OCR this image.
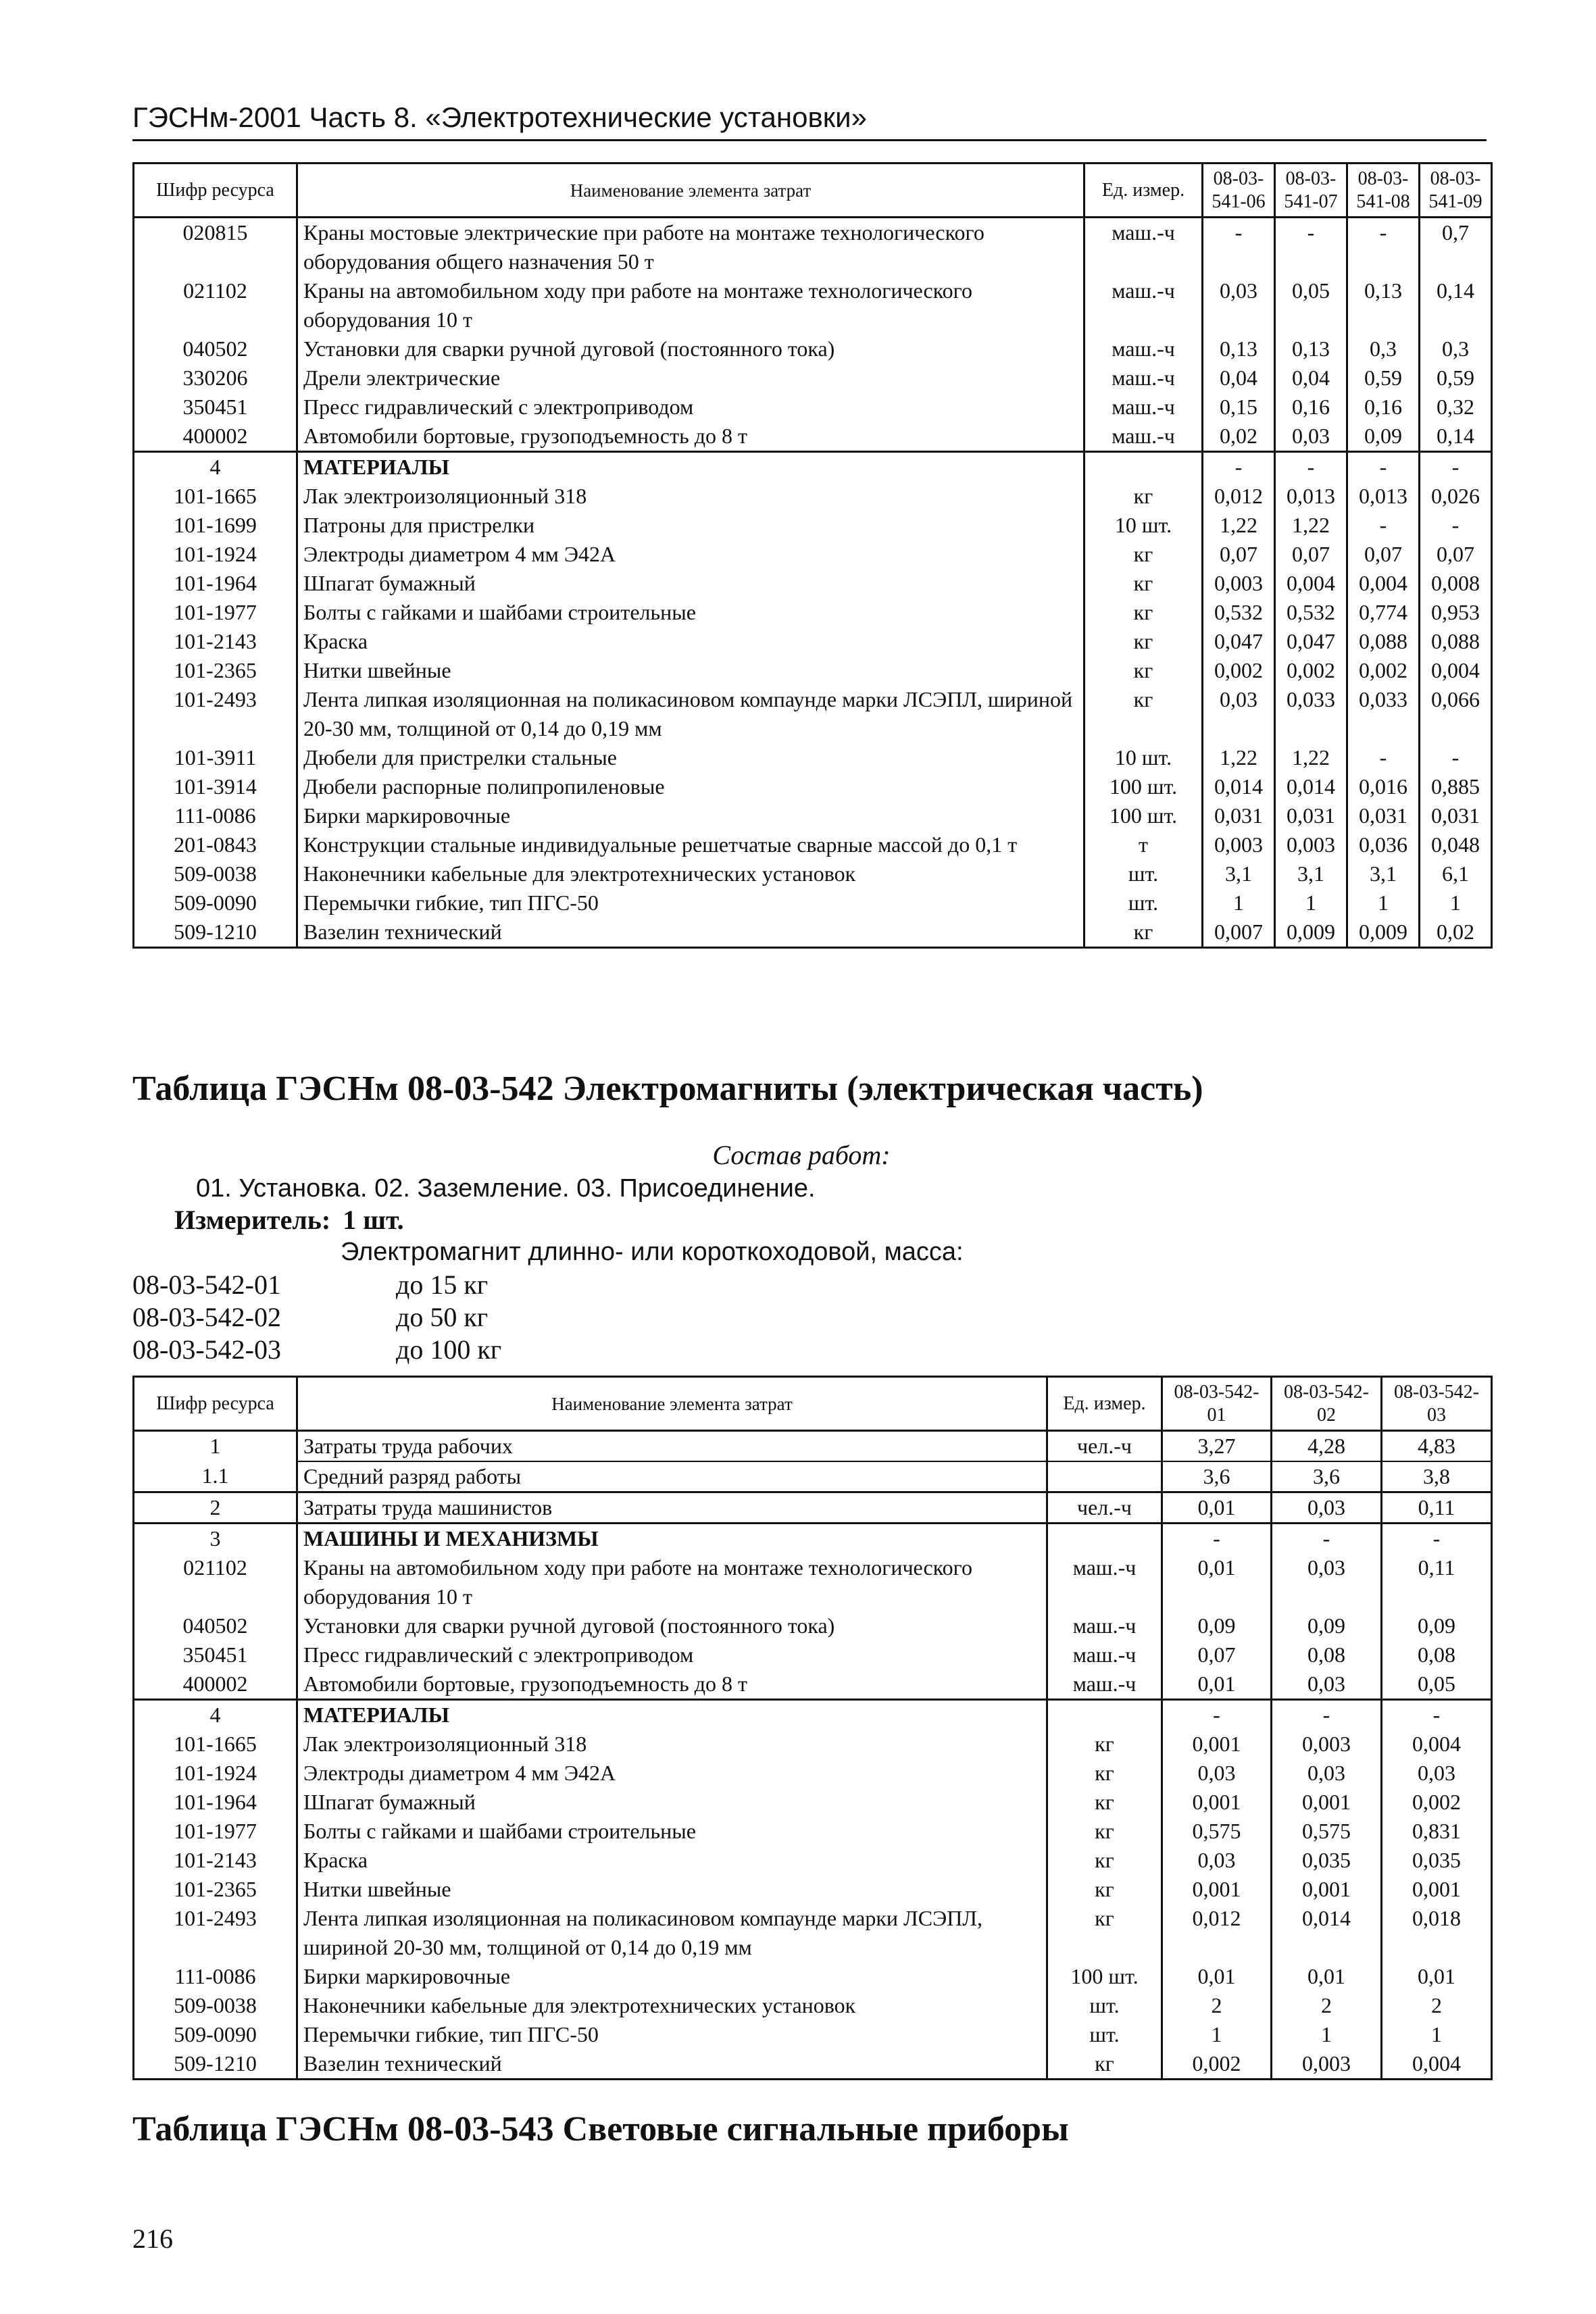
ГЭСНм-2001 Часть 8. «Электротехнические установки»
Шифр ресурса	Наименование элемента затрат	Ед. измер.	08-03-541-06	08-03-541-07	08-03-541-08	08-03-541-09
020815	Краны мостовые электрические при работе на монтаже технологического оборудования общего назначения 50 т	маш.-ч	-	-	-	0,7
021102	Краны на автомобильном ходу при работе на монтаже технологического оборудования 10 т	маш.-ч	0,03	0,05	0,13	0,14
040502	Установки для сварки ручной дуговой (постоянного тока)	маш.-ч	0,13	0,13	0,3	0,3
330206	Дрели электрические	маш.-ч	0,04	0,04	0,59	0,59
350451	Пресс гидравлический с электроприводом	маш.-ч	0,15	0,16	0,16	0,32
400002	Автомобили бортовые, грузоподъемность до 8 т	маш.-ч	0,02	0,03	0,09	0,14
4	МАТЕРИАЛЫ		-	-	-	-
101-1665	Лак электроизоляционный 318	кг	0,012	0,013	0,013	0,026
101-1699	Патроны для пристрелки	10 шт.	1,22	1,22	-	-
101-1924	Электроды диаметром 4 мм Э42А	кг	0,07	0,07	0,07	0,07
101-1964	Шпагат бумажный	кг	0,003	0,004	0,004	0,008
101-1977	Болты с гайками и шайбами строительные	кг	0,532	0,532	0,774	0,953
101-2143	Краска	кг	0,047	0,047	0,088	0,088
101-2365	Нитки швейные	кг	0,002	0,002	0,002	0,004
101-2493	Лента липкая изоляционная на поликасиновом компаунде марки ЛСЭПЛ, шириной 20-30 мм, толщиной от 0,14 до 0,19 мм	кг	0,03	0,033	0,033	0,066
101-3911	Дюбели для пристрелки стальные	10 шт.	1,22	1,22	-	-
101-3914	Дюбели распорные полипропиленовые	100 шт.	0,014	0,014	0,016	0,885
111-0086	Бирки маркировочные	100 шт.	0,031	0,031	0,031	0,031
201-0843	Конструкции стальные индивидуальные решетчатые сварные массой до 0,1 т	т	0,003	0,003	0,036	0,048
509-0038	Наконечники кабельные для электротехнических установок	шт.	3,1	3,1	3,1	6,1
509-0090	Перемычки гибкие, тип ПГС-50	шт.	1	1	1	1
509-1210	Вазелин технический	кг	0,007	0,009	0,009	0,02
Таблица ГЭСНм 08-03-542 Электромагниты (электрическая часть)
Состав работ:
01. Установка. 02. Заземление. 03. Присоединение.
Измеритель: 1 шт.
Электромагнит длинно- или короткоходовой, масса:
08-03-542-01	до 15 кг
08-03-542-02	до 50 кг
08-03-542-03	до 100 кг
Шифр ресурса	Наименование элемента затрат	Ед. измер.	08-03-542-01	08-03-542-02	08-03-542-03
1	Затраты труда рабочих	чел.-ч	3,27	4,28	4,83
1.1	Средний разряд работы		3,6	3,6	3,8
2	Затраты труда машинистов	чел.-ч	0,01	0,03	0,11
3	МАШИНЫ И МЕХАНИЗМЫ		-	-	-
021102	Краны на автомобильном ходу при работе на монтаже технологического оборудования 10 т	маш.-ч	0,01	0,03	0,11
040502	Установки для сварки ручной дуговой (постоянного тока)	маш.-ч	0,09	0,09	0,09
350451	Пресс гидравлический с электроприводом	маш.-ч	0,07	0,08	0,08
400002	Автомобили бортовые, грузоподъемность до 8 т	маш.-ч	0,01	0,03	0,05
4	МАТЕРИАЛЫ		-	-	-
101-1665	Лак электроизоляционный 318	кг	0,001	0,003	0,004
101-1924	Электроды диаметром 4 мм Э42А	кг	0,03	0,03	0,03
101-1964	Шпагат бумажный	кг	0,001	0,001	0,002
101-1977	Болты с гайками и шайбами строительные	кг	0,575	0,575	0,831
101-2143	Краска	кг	0,03	0,035	0,035
101-2365	Нитки швейные	кг	0,001	0,001	0,001
101-2493	Лента липкая изоляционная на поликасиновом компаунде марки ЛСЭПЛ, шириной 20-30 мм, толщиной от 0,14 до 0,19 мм	кг	0,012	0,014	0,018
111-0086	Бирки маркировочные	100 шт.	0,01	0,01	0,01
509-0038	Наконечники кабельные для электротехнических установок	шт.	2	2	2
509-0090	Перемычки гибкие, тип ПГС-50	шт.	1	1	1
509-1210	Вазелин технический	кг	0,002	0,003	0,004
Таблица ГЭСНм 08-03-543 Световые сигнальные приборы
216
